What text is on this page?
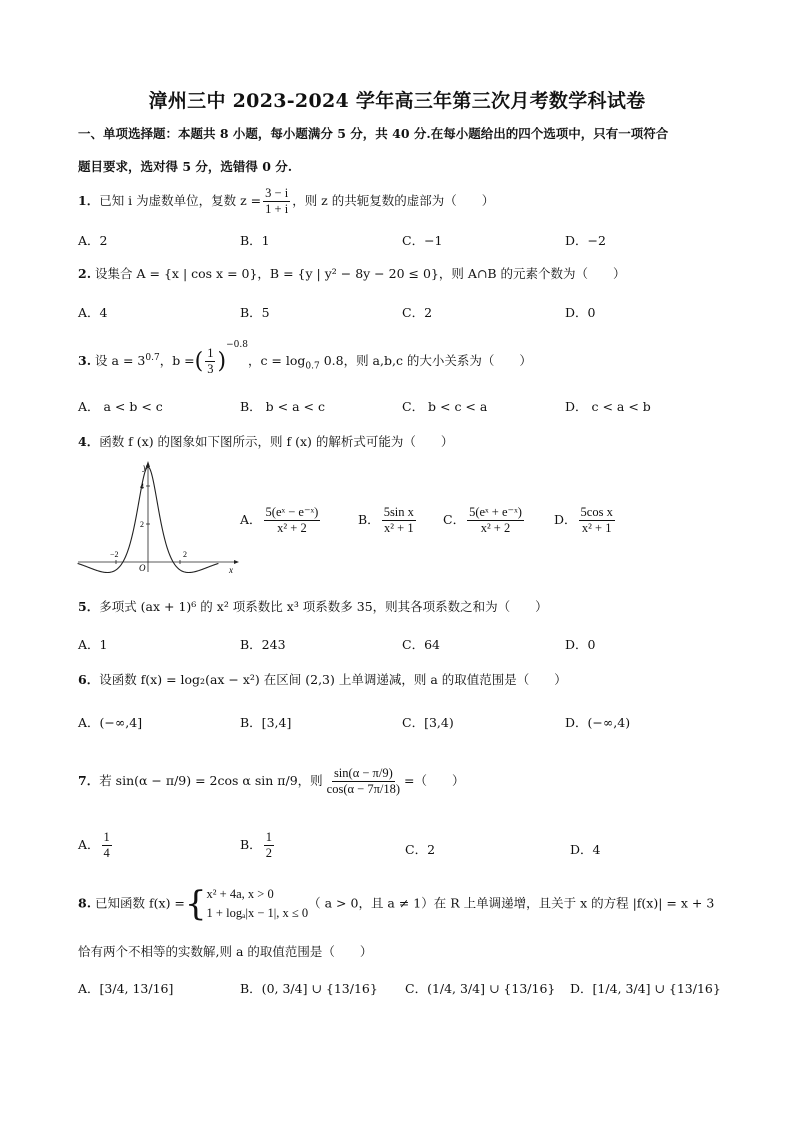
漳州三中 2023-2024 学年高三年第三次月考数学科试卷
一、单项选择题：本题共 8 小题，每小题满分 5 分，共 40 分.在每小题给出的四个选项中，只有一项符合
题目要求，选对得 5 分，选错得 0 分.
1．已知 i 为虚数单位，复数 $z = \frac{3 - i}{1 + i}$ ，则 z 的共轭复数的虚部为（　　）
A．2	B．1	C．−1	D．−2
2. 设集合 A = {x | cos x = 0}，B = {y | y² − 8y − 20 ≤ 0}，则 A∩B 的元素个数为（　　）
A．4	B．5	C．2	D．0
3. 设 $a = 3^{0.7}$，b =( $\frac{1}{3} )^{-0.8}$，$c = \log_{0.7} 0.8$，则 a,b,c 的大小关系为（　　）
A． a < b < c	B． b < a < c	C． b < c < a	D． c < a < b
4．函数 f (x) 的图象如下图所示，则 f (x) 的解析式可能为（　　）
y
x
O
4
2
−2	2
A． $\frac{\text{5(eˣ − e⁻ˣ)}}{\text{x² + 2}}$	B． $\frac{\text{5sin x}}{\text{x² + 1}}$ C． $\frac{\text{5(eˣ + e⁻ˣ)}}{\text{x² + 2}}$ D． $\frac{\text{5cos x}}{\text{x² + 1}}$
5．多项式 (ax + 1)⁶ 的 x² 项系数比 x³ 项系数多 35，则其各项系数之和为（　　）
A．1	B．243	C．64	D．0
6．设函数 f(x) = log₂(ax − x²) 在区间 (2,3) 上单调递减，则 a 的取值范围是（　　）
A．(−∞,4]	B．[3,4]	C．[3,4)	D．(−∞,4)
7．若 sin(α − π/9) = 2cos α sin π/9，则 $\frac{\sin(\alpha - \pi/9)}{\cos(\alpha - 7\pi/18)}$ =（　　）
A． $\frac{1}{4}$	B． $\frac{1}{2}$	C．2	D．4
8. 已知函数 f(x) ={ x² + 4a, x > 0
1 + logₐ|x − 1|, x ≤ 0
（ a > 0，且 a ≠ 1）在 R 上单调递增，且关于 x 的方程 |f(x)| = x + 3
恰有两个不相等的实数解,则 a 的取值范围是（　　）
A．[3/4, 13/16]	B．(0, 3/4] ∪ {13/16} C．(1/4, 3/4] ∪ {13/16} D．[1/4, 3/4] ∪ {13/16}
